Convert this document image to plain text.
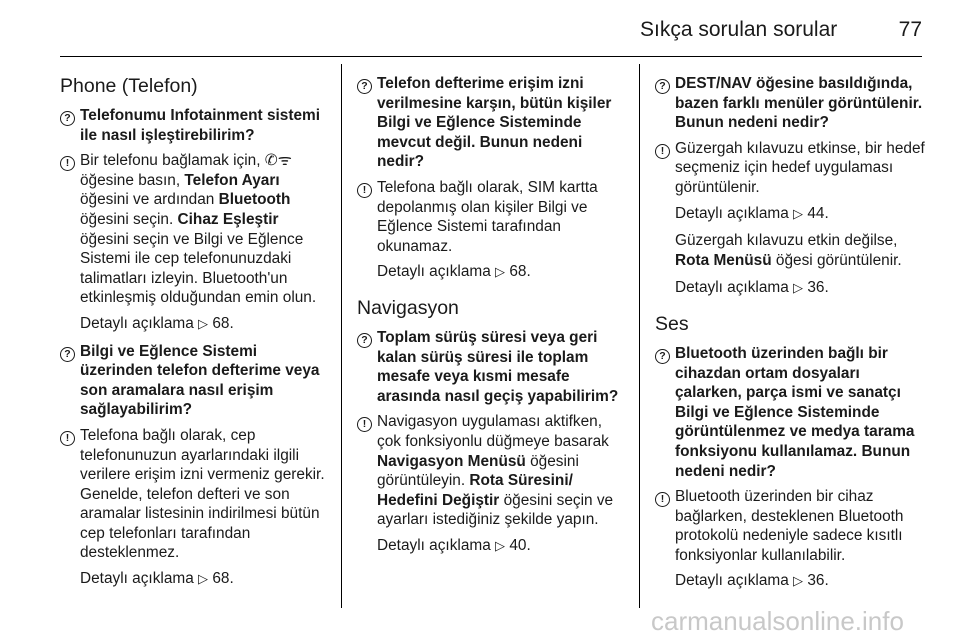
Sıkça sorulan sorular	77
Phone (Telefon)
? Telefonumu Infotainment sistemi ile nasıl işleştirebilirim?
! Bir telefonu bağlamak için, ✆ᯤ öğesine basın, Telefon Ayarı öğesini ve ardından Bluetooth öğesini seçin. Cihaz Eşleştir öğesini seçin ve Bilgi ve Eğlence Sistemi ile cep telefonunuzdaki talimatları izleyin. Bluetooth'un etkinleşmiş olduğundan emin olun.

Detaylı açıklama ▷ 68.

? Bilgi ve Eğlence Sistemi üzerinden telefon defterime veya son aramalara nasıl erişim sağlayabilirim?
! Telefona bağlı olarak, cep telefonunuzun ayarlarındaki ilgili verilere erişim izni vermeniz gerekir. Genelde, telefon defteri ve son aramalar listesinin indirilmesi bütün cep telefonları tarafından desteklenmez.

Detaylı açıklama ▷ 68.

? Telefon defterime erişim izni verilmesine karşın, bütün kişiler Bilgi ve Eğlence Sisteminde mevcut değil. Bunun nedeni nedir?
! Telefona bağlı olarak, SIM kartta depolanmış olan kişiler Bilgi ve Eğlence Sistemi tarafından okunamaz.

Detaylı açıklama ▷ 68.

Navigasyon
? Toplam sürüş süresi veya geri kalan sürüş süresi ile toplam mesafe veya kısmi mesafe arasında nasıl geçiş yapabilirim?
! Navigasyon uygulaması aktifken, çok fonksiyonlu düğmeye basarak Navigasyon Menüsü öğesini görüntüleyin. Rota Süresini/ Hedefini Değiştir öğesini seçin ve ayarları istediğiniz şekilde yapın.

Detaylı açıklama ▷ 40.

? DEST/NAV öğesine basıldığında, bazen farklı menüler görüntülenir. Bunun nedeni nedir?
! Güzergah kılavuzu etkinse, bir hedef seçmeniz için hedef uygulaması görüntülenir.

Detaylı açıklama ▷ 44.

Güzergah kılavuzu etkin değilse, Rota Menüsü öğesi görüntülenir.

Detaylı açıklama ▷ 36.

Ses
? Bluetooth üzerinden bağlı bir cihazdan ortam dosyaları çalarken, parça ismi ve sanatçı Bilgi ve Eğlence Sisteminde görüntülenmez ve medya tarama fonksiyonu kullanılamaz. Bunun nedeni nedir?
! Bluetooth üzerinden bir cihaz bağlarken, desteklenen Bluetooth protokolü nedeniyle sadece kısıtlı fonksiyonlar kullanılabilir.

Detaylı açıklama ▷ 36.

carmanualsonline.info
